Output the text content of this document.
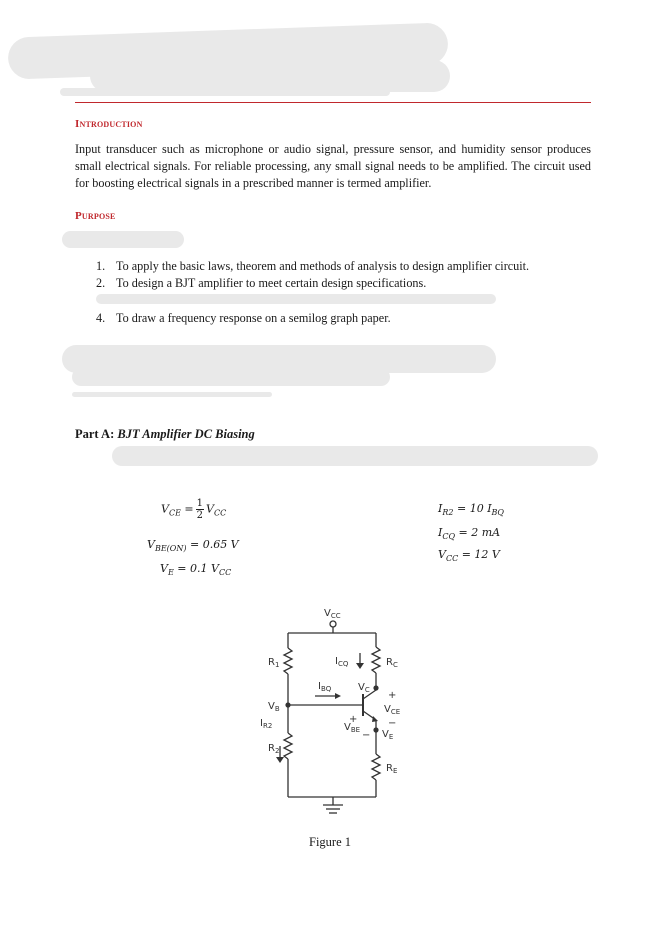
Introduction
Input transducer such as microphone or audio signal, pressure sensor, and humidity sensor produces small electrical signals. For reliable processing, any small signal needs to be amplified. The circuit used for boosting electrical signals in a prescribed manner is termed amplifier.
Purpose
1. To apply the basic laws, theorem and methods of analysis to design amplifier circuit.
2. To design a BJT amplifier to meet certain design specifications.
4. To draw a frequency response on a semilog graph paper.
Part A: BJT Amplifier DC Biasing
$V_{CE} = \frac{1}{2} V_{CC}$
$V_{BE(ON)} = 0.65$ V
$V_E = 0.1$ $V_{CC}$
$I_{R2} = 10$ $I_{BQ}$
$I_{CQ} = 2$ mA
$V_{CC} = 12$ V
$V_{CC}$
$R_1$
$R_2$
$R_C$
$R_E$
$I_{CQ}$
$I_{BQ}$
$I_{R2}$
$V_B$
$V_C$
$V_E$
$V_{BE}$
$V_{CE}$
+
−
+
−
Figure 1
